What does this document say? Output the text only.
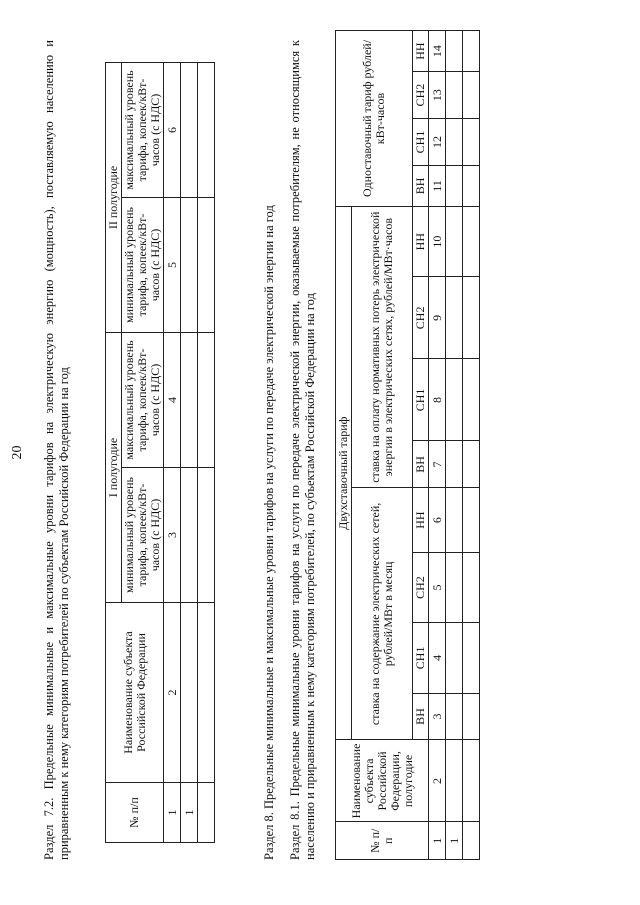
20 Раздел 7.2. Предельные минимальные и максимальные уровни тарифов на электрическую энергию (мощность), поставляемую населению и приравненным к нему категориям потребителей по субъектам Российской Федерации на год	№ п/п	Наименование субъекта Российской Федерации	I полугодие		II полугодие	
		минимальный уровень тарифа, копеек/кВт-часов (с НДС)	максимальный уровень тарифа, копеек/кВт-часов (с НДС)	минимальный уровень тарифа, копеек/кВт-часов (с НДС)	максимальный уровень тарифа, копеек/кВт-часов (с НДС)
1	2	3	4	5	6
1					
						Раздел 8. Предельные минимальные и максимальные уровни тарифов на услуги по передаче электрической энергии на год Раздел 8.1. Предельные минимальные уровни тарифов на услуги по передаче электрической энергии, оказываемые потребителям, не относящимся к населению и приравненным к нему категориям потребителей, по субъектам Российской Федерации на год	№ п/п	Наименование субъекта Российской Федерации, полугодие	Двухставочный тариф								Одноставочный тариф рублей/кВт-часов			
		ставка на содержание электрических сетей, рублей/МВт в месяц				ставка на оплату нормативных потерь электрической энергии в электрических сетях, рублей/МВт·часов							
		ВН	СН1	СН2	НН	ВН	СН1	СН2	НН	ВН	СН1	СН2	НН
1	2	3	4	5	6	7	8	9	10	11	12	13	14
1													
